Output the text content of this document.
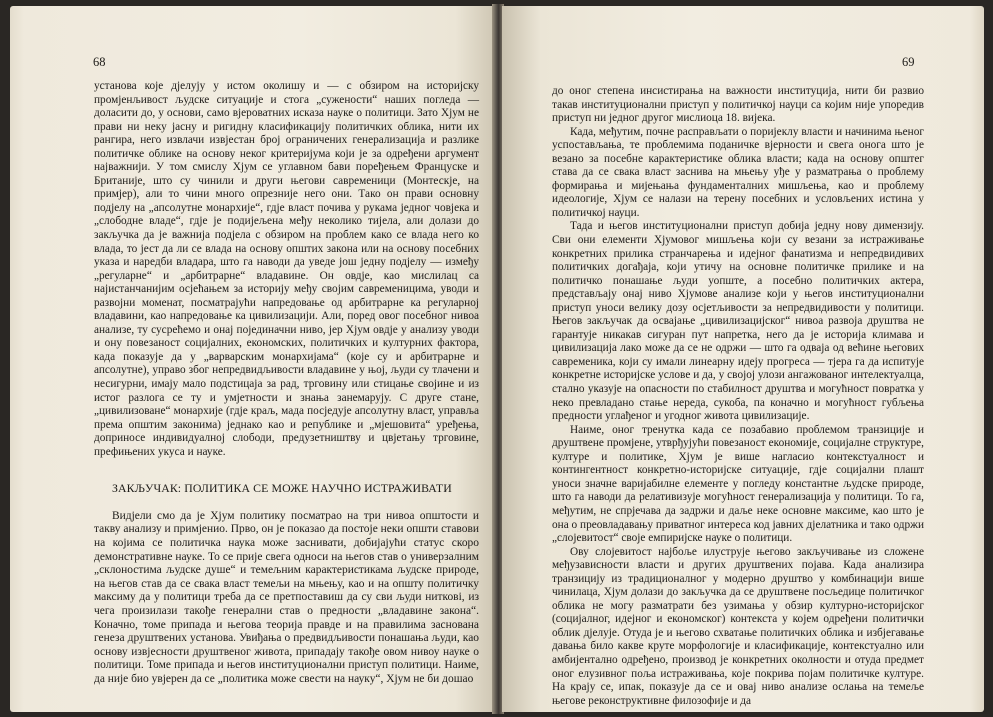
68

установа које дјелују у истом околишу и — с обзиром на историјску промјенљивост људске ситуације и стога „сужености“ наших погледа — доласити до, у основи, само вјероватних исказа науке о политици. Зато Хјум не прави ни неку јасну и ригидну класификацију политичких облика, нити их рангира, него извлачи извјестан број ограничених генерализација и разлике политичке облике на основу неког критеријума који је за одређени аргумент најважнији. У том смислу Хјум се углавном бави поређењем Француске и Британије, што су чинили и други његови савременици (Монтескје, на примјер), али то чини много опрезније него они. Тако он прави основну подјелу на „апсолутне монархије“, гдје власт почива у рукама једног човјека и „слободне владе“, гдје је подијељена међу неколико тијела, али долази до закључка да је важнија подјела с обзиром на проблем како се влада него ко влада, то јест да ли се влада на основу општих закона или на основу посебних указа и наредби владара, што га наводи да уведе још једну подјелу — између „регуларне“ и „арбитрарне“ владавине. Он овдје, као мислилац са најистанчанијим осјећањем за историју међу својим савременицима, уводи и развојни моменат, посматрајући напредовање од арбитрарне ка регуларној владавини, као напредовање ка цивилизацији. Али, поред овог посебног нивоа анализе, ту сусрећемо и онај појединачни ниво, јер Хјум овдје у анализу уводи и ону повезаност социјалних, економских, политичких и културних фактора, када показује да у „варварским монархијама“ (које су и арбитрарне и апсолутне), управо због непредвидљивости владавине у њој, људи су тлачени и несигурни, имају мало подстицаја за рад, трговину или стицање својине и из истог разлога се ту и умјетности и знања занемарују. С друге стане, „цивилизоване“ монархије (гдје краљ, мада посједује апсолутну власт, управља према општим законима) једнако као и републике и „мјешовита“ уређења, доприносе индивидуалној слободи, предузетништву и цвјетању трговине, префињених укуса и науке.

ЗАКЉУЧАК: ПОЛИТИКА СЕ МОЖЕ НАУЧНО ИСТРАЖИВАТИ

Видјели смо да је Хјум политику посматрао на три нивоа општости и такву анализу и примјенио. Прво, он је показао да постоје неки општи ставови на којима се политичка наука може заснивати, добијајући статус скоро демонстративне науке. То се прије свега односи на његов став о универзалним „склоностима људске душе“ и темељним карактеристикама људске природе, на његов став да се свака власт темељи на мњењу, као и на општу политичку максиму да у политици треба да се претпоставиш да су сви људи нитковi, из чега произилази такође генерални став о предности „владавине закона“. Коначно, томе припада и његова теорија правде и на правилима заснована генеза друштвених установа. Увиђања о предвидљивости понашања људи, као основу извјесности друштвеног живота, припадају такође овом нивоу науке о политици. Томе припада и његов институционални приступ политици. Наиме, да није био увјерен да се „политика може свести на науку“, Хјум не би дошао

69

до оног степена инсистирања на важности институција, нити би развио такав институционални приступ у политичкој науци са којим није упоредив приступ ни једног другог мислиоца 18. вијека.

Када, међутим, почне расправљати о поријеклу власти и начинима њеног успостављања, те проблемима поданичке вјерности и свега онога што је везано за посебне карактеристике облика власти; када на основу општег става да се свака власт заснива на мњењу уђе у разматрања о проблему формирања и мијењања фундаменталних мишљења, као и проблему идеологије, Хјум се налази на терену посебних и условљених истина у политичкој науци.

Тада и његов институционални приступ добија једну нову димензију. Сви они елементи Хјумовог мишљења који су везани за истраживање конкретних прилика странчарења и идејног фанатизма и непредвидивих политичких догађаја, који утичу на основне политичке прилике и на политичко понашање људи уопште, а посебно политичких актера, представљају онај ниво Хјумове анализе који у његов институционални приступ уноси велику дозу осјетљивости за непредвидивости у политици. Његов закључак да освајање „цивилизацијског“ нивоа развоја друштва не гарантује никакав сигуран пут напретка, него да је историја климава и цивилизација лако може да се не одржи — што га одваја од већине његових савременика, који су имали линеарну идеју прогреса — тјера га да испитује конкретне историјске услове и да, у својој улози ангажованог интелектуалца, стално указује на опасности по стабилност друштва и могућност повратка у неко превладано стање нереда, сукоба, па коначно и могућност губљења предности углађеног и угодног живота цивилизације.

Наиме, оног тренутка када се позабавио проблемом транзиције и друштвене промјене, утврђујући повезаност економије, социјалне структуре, културе и политике, Хјум је више нагласио контекстуалност и контингентност конкретно-историјске ситуације, гдје социјални плашт уноси значне варијабилне елементе у погледу константне људске природе, што га наводи да релативизује могућност генерализација у политици. То га, међутим, не спрјечава да задржи и даље неке основне максиме, као што је она о преовладавању приватног интереса код јавних дјелатника и тако одржи „слојевитост“ своје емпиријске науке о политици.

Ову слојевитост најбоље илуструје његово закључивање из сложене међузависности власти и других друштвених појава. Када анализира транзицију из традиционалног у модерно друштво у комбинацији више чинилаца, Хјум долази до закључка да се друштвене посљедице политичког облика не могу разматрати без узимања у обзир културно-историјског (социјалног, идејног и економског) контекста у којем одређени политички облик дјелује. Отуда је и његово схватање политичких облика и избјегавање давања било какве круте морфологије и класификације, контекстуално или амбијентално одређено, производ је конкретних околности и отуда предмет оног елузивног поља истраживања, које покрива појам политичке културе. На крају се, ипак, показује да се и овај ниво анализе ослања на темеље његове реконструктивне филозофије и да
